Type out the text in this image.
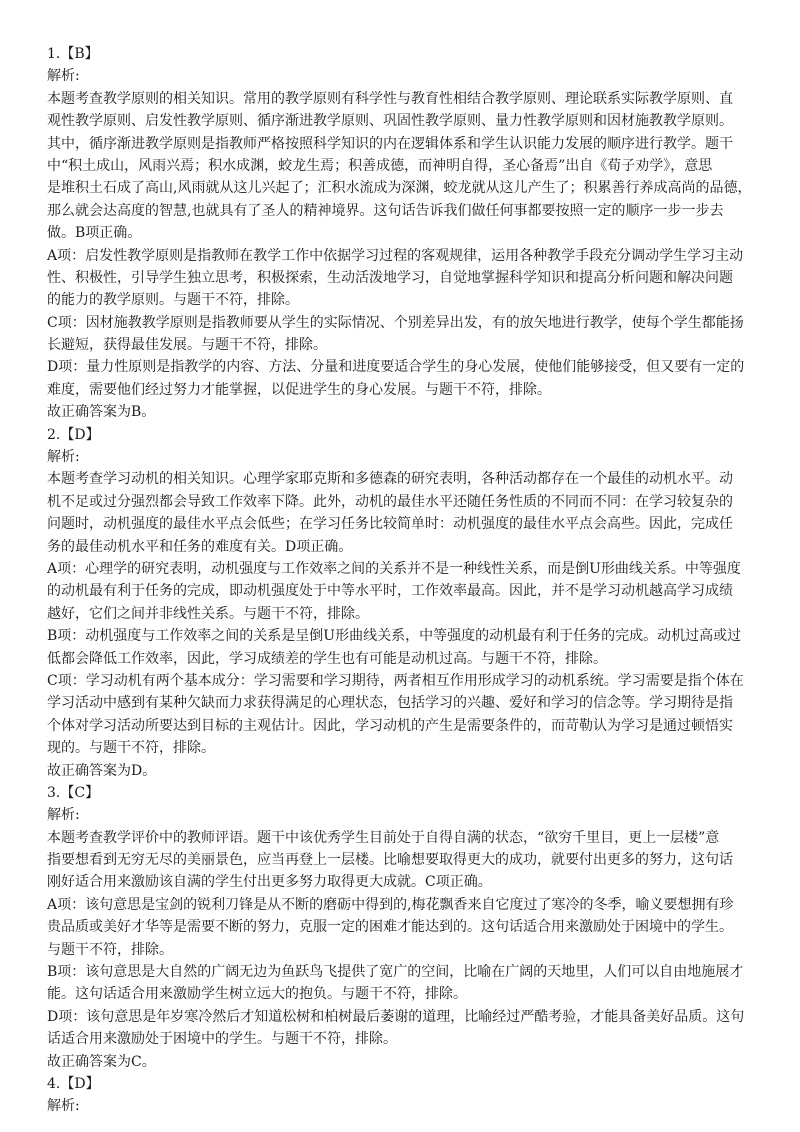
1.【B】
解析:
本题考查教学原则的相关知识。常用的教学原则有科学性与教育性相结合教学原则、理论联系实际教学原则、直
观性教学原则、启发性教学原则、循序渐进教学原则、巩固性教学原则、量力性教学原则和因材施教教学原则。
其中，循序渐进教学原则是指教师严格按照科学知识的内在逻辑体系和学生认识能力发展的顺序进行教学。题干
中“积土成山，风雨兴焉；积水成渊，蛟龙生焉；积善成德，而神明自得，圣心备焉”出自《荀子劝学》，意思
是堆积土石成了高山,风雨就从这儿兴起了；汇积水流成为深渊，蛟龙就从这儿产生了；积累善行养成高尚的品德，
那么就会达高度的智慧,也就具有了圣人的精神境界。这句话告诉我们做任何事都要按照一定的顺序一步一步去
做。B项正确。
A项：启发性教学原则是指教师在教学工作中依据学习过程的客观规律，运用各种教学手段充分调动学生学习主动
性、积极性，引导学生独立思考，积极探索，生动活泼地学习，自觉地掌握科学知识和提高分析问题和解决问题
的能力的教学原则。与题干不符，排除。
C项：因材施教教学原则是指教师要从学生的实际情况、个别差异出发，有的放矢地进行教学，使每个学生都能扬
长避短，获得最佳发展。与题干不符，排除。
D项：量力性原则是指教学的内容、方法、分量和进度要适合学生的身心发展，使他们能够接受，但又要有一定的
难度，需要他们经过努力才能掌握，以促进学生的身心发展。与题干不符，排除。
故正确答案为B。
2.【D】
解析:
本题考查学习动机的相关知识。心理学家耶克斯和多德森的研究表明，各种活动都存在一个最佳的动机水平。动
机不足或过分强烈都会导致工作效率下降。此外，动机的最佳水平还随任务性质的不同而不同：在学习较复杂的
问题时，动机强度的最佳水平点会低些；在学习任务比较简单时：动机强度的最佳水平点会高些。因此，完成任
务的最佳动机水平和任务的难度有关。D项正确。
A项：心理学的研究表明，动机强度与工作效率之间的关系并不是一种线性关系，而是倒U形曲线关系。中等强度
的动机最有利于任务的完成，即动机强度处于中等水平时，工作效率最高。因此，并不是学习动机越高学习成绩
越好，它们之间并非线性关系。与题干不符，排除。
B项：动机强度与工作效率之间的关系是呈倒U形曲线关系，中等强度的动机最有利于任务的完成。动机过高或过
低都会降低工作效率，因此，学习成绩差的学生也有可能是动机过高。与题干不符，排除。
C项：学习动机有两个基本成分：学习需要和学习期待，两者相互作用形成学习的动机系统。学习需要是指个体在
学习活动中感到有某种欠缺而力求获得满足的心理状态，包括学习的兴趣、爱好和学习的信念等。学习期待是指
个体对学习活动所要达到目标的主观估计。因此，学习动机的产生是需要条件的，而苛勒认为学习是通过顿悟实
现的。与题干不符，排除。
故正确答案为D。
3.【C】
解析:
本题考查教学评价中的教师评语。题干中该优秀学生目前处于自得自满的状态，“欲穷千里目，更上一层楼”意
指要想看到无穷无尽的美丽景色，应当再登上一层楼。比喻想要取得更大的成功，就要付出更多的努力，这句话
刚好适合用来激励该自满的学生付出更多努力取得更大成就。C项正确。
A项：该句意思是宝剑的锐利刀锋是从不断的磨砺中得到的,梅花飘香来自它度过了寒冷的冬季，喻义要想拥有珍
贵品质或美好才华等是需要不断的努力，克服一定的困难才能达到的。这句话适合用来激励处于困境中的学生。
与题干不符，排除。
B项：该句意思是大自然的广阔无边为鱼跃鸟飞提供了宽广的空间，比喻在广阔的天地里，人们可以自由地施展才
能。这句话适合用来激励学生树立远大的抱负。与题干不符，排除。
D项：该句意思是年岁寒冷然后才知道松树和柏树最后萎谢的道理，比喻经过严酷考验，才能具备美好品质。这句
话适合用来激励处于困境中的学生。与题干不符，排除。
故正确答案为C。
4.【D】
解析:
